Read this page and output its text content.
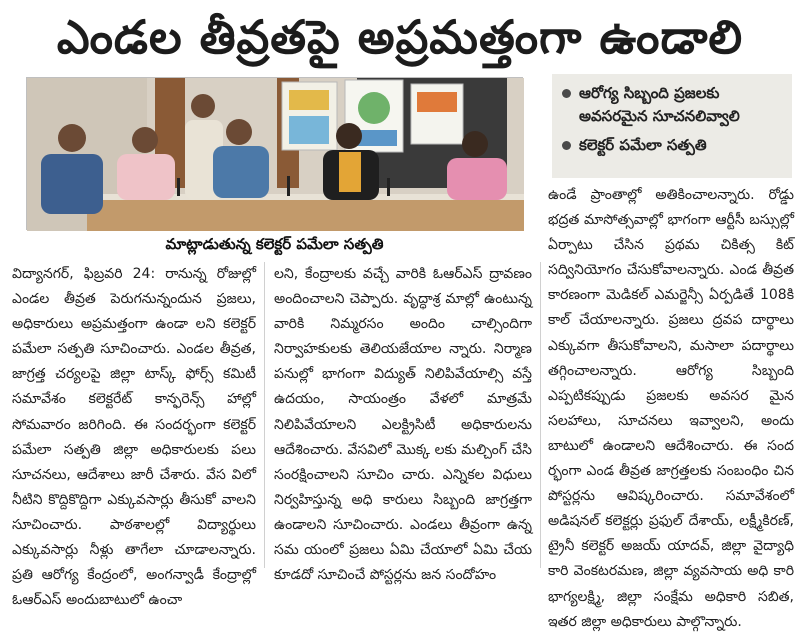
ఎండల తీవ్రతపై అప్రమత్తంగా ఉండాలి
మాట్లాడుతున్న కలెక్టర్ పమేలా సత్పతి
ఆరోగ్య సిబ్బంది ప్రజలకు అవసరమైన సూచనలివ్వాలి
కలెక్టర్ పమేలా సత్పతి

విద్యానగర్, ఫిబ్రవరి 24: రానున్న రోజుల్లో ఎండల తీవ్రత పెరుగనున్నందున ప్రజలు, అధికారులు అప్రమత్తంగా ఉండా లని కలెక్టర్ పమేలా సత్పతి సూచించారు. ఎండల తీవ్రత, జాగ్రత్త చర్యలపై జిల్లా టాస్క్ ఫోర్స్ కమిటీ సమావేశం కలెక్టరేట్ కాన్ఫరెన్స్ హాల్లో సోమవారం జరిగింది. ఈ సందర్భంగా కలెక్టర్ పమేలా సత్పతి జిల్లా అధికారులకు పలు సూచనలు, ఆదేశాలు జారీ చేశారు. వేస విలో నీటిని కొద్దికొద్దిగా ఎక్కువసార్లు తీసుకో వాలని సూచించారు. పాఠశాలల్లో విద్యార్థులు ఎక్కువసార్లు నీళ్లు తాగేలా చూడాలన్నారు. ప్రతి ఆరోగ్య కేంద్రంలో, అంగన్వాడీ కేంద్రాల్లో ఓఆర్ఎస్ అందుబాటులో ఉంచా

లని, కేంద్రాలకు వచ్చే వారికి ఓఆర్ఎస్ ద్రావణం అందించాలని చెప్పారు. వృద్ధాశ్ర మాల్లో ఉంటున్న వారికి నిమ్మరసం అందిం చాల్సిందిగా నిర్వాహకులకు తెలియజేయాల న్నారు. నిర్మాణ పనుల్లో భాగంగా విద్యుత్ నిలిపివేయాల్సి వస్తే ఉదయం, సాయంత్రం వేళలో మాత్రమే నిలిపివేయాలని ఎలక్ట్రిసిటీ అధికారులను ఆదేశించారు. వేసవిలో మొక్క లకు మల్చింగ్ చేసి సంరక్షించాలని సూచిం చారు. ఎన్నికల విధులు నిర్వహిస్తున్న అధి కారులు సిబ్బంది జాగ్రత్తగా ఉండాలని సూచించారు. ఎండలు తీవ్రంగా ఉన్న సమ యంలో ప్రజలు ఏమి చేయాలో ఏమి చేయ కూడదో సూచించే పోస్టర్లను జన సందోహం

ఉండే ప్రాంతాల్లో అతికించాలన్నారు. రోడ్డు భద్రత మాసోత్సవాల్లో భాగంగా ఆర్టీసీ బస్సుల్లో ఏర్పాటు చేసిన ప్రథమ చికిత్స కిట్ సద్వినియోగం చేసుకోవాలన్నారు. ఎండ తీవ్రత కారణంగా మెడికల్ ఎమర్జెన్సీ ఏర్పడితే 108కి కాల్ చేయాలన్నారు. ప్రజలు ద్రవప దార్థాలు ఎక్కువగా తీసుకోవాలని, మసాలా పదార్థాలు తగ్గించాలన్నారు. ఆరోగ్య సిబ్బంది ఎప్పటికప్పుడు ప్రజలకు అవసర మైన సలహాలు, సూచనలు ఇవ్వాలని, అందు బాటులో ఉండాలని ఆదేశించారు. ఈ సంద ర్భంగా ఎండ తీవ్రత జాగ్రత్తలకు సంబంధిం చిన పోస్టర్లను ఆవిష్కరించారు. సమావేశంలో అడిషనల్ కలెక్టర్లు ప్రఫుల్ దేశాయ్, లక్ష్మీకిరణ్, ట్రైనీ కలెక్టర్ అజయ్ యాదవ్, జిల్లా వైద్యాధి కారి వెంకటరమణ, జిల్లా వ్యవసాయ అధి కారి భాగ్యలక్ష్మి, జిల్లా సంక్షేమ అధికారి సబిత, ఇతర జిల్లా అధికారులు పాల్గొన్నారు.
